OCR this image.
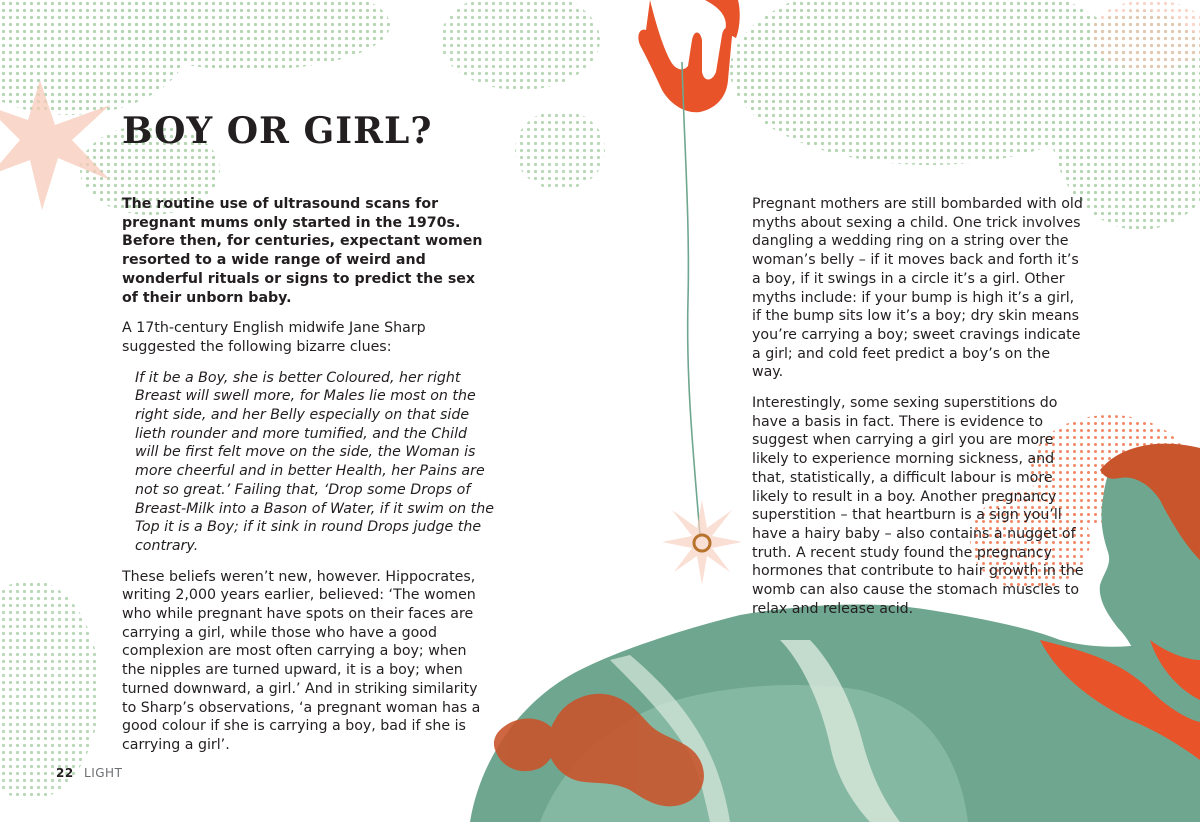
BOY OR GIRL?

The routine use of ultrasound scans for pregnant mums only started in the 1970s. Before then, for centuries, expectant women resorted to a wide range of weird and wonderful rituals or signs to predict the sex of their unborn baby.

A 17th-century English midwife Jane Sharp suggested the following bizarre clues:

If it be a Boy, she is better Coloured, her right Breast will swell more, for Males lie most on the right side, and her Belly especially on that side lieth rounder and more tumified, and the Child will be first felt move on the side, the Woman is more cheerful and in better Health, her Pains are not so great.’ Failing that, ‘Drop some Drops of Breast-Milk into a Bason of Water, if it swim on the Top it is a Boy; if it sink in round Drops judge the contrary.

These beliefs weren’t new, however. Hippocrates, writing 2,000 years earlier, believed: ‘The women who while pregnant have spots on their faces are carrying a girl, while those who have a good complexion are most often carrying a boy; when the nipples are turned upward, it is a boy; when turned downward, a girl.’ And in striking similarity to Sharp’s observations, ‘a pregnant woman has a good colour if she is carrying a boy, bad if she is carrying a girl’.

Pregnant mothers are still bombarded with old myths about sexing a child. One trick involves dangling a wedding ring on a string over the woman’s belly – if it moves back and forth it’s a boy, if it swings in a circle it’s a girl. Other myths include: if your bump is high it’s a girl, if the bump sits low it’s a boy; dry skin means you’re carrying a boy; sweet cravings indicate a girl; and cold feet predict a boy’s on the way.

Interestingly, some sexing superstitions do have a basis in fact. There is evidence to suggest when carrying a girl you are more likely to experience morning sickness, and that, statistically, a difficult labour is more likely to result in a boy. Another pregnancy superstition – that heartburn is a sign you’ll have a hairy baby – also contains a nugget of truth. A recent study found the pregnancy hormones that contribute to hair growth in the womb can also cause the stomach muscles to relax and release acid.

22 LIGHT
